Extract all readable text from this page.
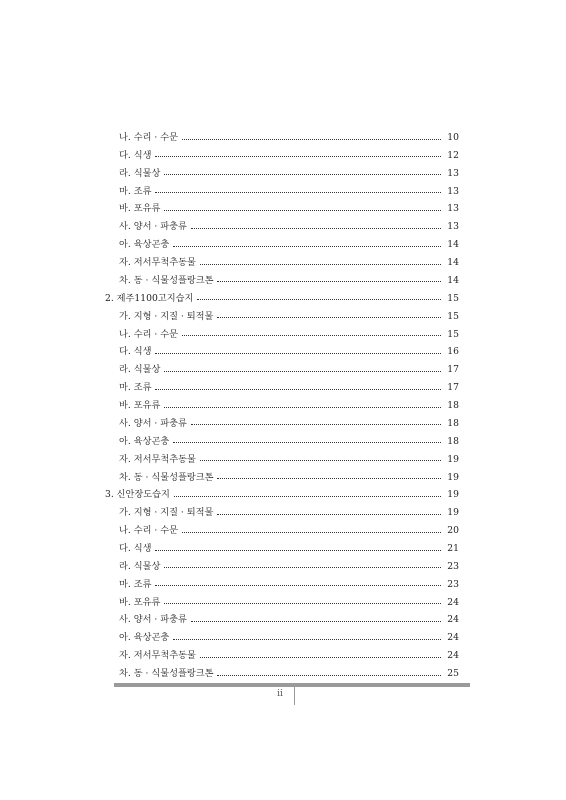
나. 수리 · 수문	10
다. 식생	12
라. 식물상	13
마. 조류	13
바. 포유류	13
사. 양서 · 파충류	13
아. 육상곤충	14
자. 저서무척추동물	14
차. 동 · 식물성플랑크톤	14
2. 제주1100고지습지	15
가. 지형 · 지질 · 퇴적물	15
나. 수리 · 수문	15
다. 식생	16
라. 식물상	17
마. 조류	17
바. 포유류	18
사. 양서 · 파충류	18
아. 육상곤충	18
자. 저서무척추동물	19
차. 동 · 식물성플랑크톤	19
3. 신안장도습지	19
가. 지형 · 지질 · 퇴적물	19
나. 수리 · 수문	20
다. 식생	21
라. 식물상	23
마. 조류	23
바. 포유류	24
사. 양서 · 파충류	24
아. 육상곤충	24
자. 저서무척추동물	24
차. 동 · 식물성플랑크톤	25
ii
